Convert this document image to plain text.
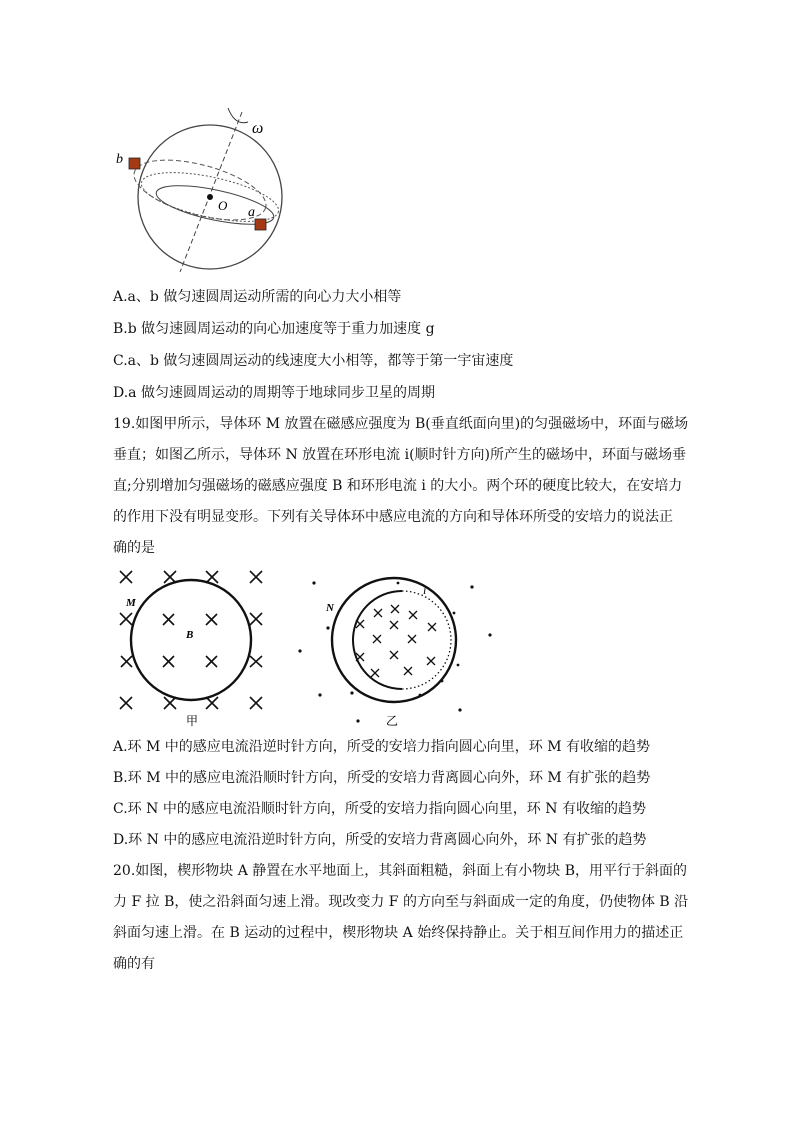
b
a
O
ω
A.a、b 做匀速圆周运动所需的向心力大小相等
B.b 做匀速圆周运动的向心加速度等于重力加速度 g
C.a、b 做匀速圆周运动的线速度大小相等，都等于第一宇宙速度
D.a 做匀速圆周运动的周期等于地球同步卫星的周期
19.如图甲所示，导体环 M 放置在磁感应强度为 B(垂直纸面向里)的匀强磁场中，环面与磁场
垂直；如图乙所示，导体环 N 放置在环形电流 i(顺时针方向)所产生的磁场中，环面与磁场垂
直;分别增加匀强磁场的磁感应强度 B 和环形电流 i 的大小。两个环的硬度比较大，在安培力
的作用下没有明显变形。下列有关导体环中感应电流的方向和导体环所受的安培力的说法正
确的是
M
B
甲
N
i
乙
A.环 M 中的感应电流沿逆时针方向，所受的安培力指向圆心向里，环 M 有收缩的趋势
B.环 M 中的感应电流沿顺时针方向，所受的安培力背离圆心向外，环 M 有扩张的趋势
C.环 N 中的感应电流沿顺时针方向，所受的安培力指向圆心向里，环 N 有收缩的趋势
D.环 N 中的感应电流沿逆时针方向，所受的安培力背离圆心向外，环 N 有扩张的趋势
20.如图，楔形物块 A 静置在水平地面上，其斜面粗糙，斜面上有小物块 B，用平行于斜面的
力 F 拉 B，使之沿斜面匀速上滑。现改变力 F 的方向至与斜面成一定的角度，仍使物体 B 沿
斜面匀速上滑。在 B 运动的过程中，楔形物块 A 始终保持静止。关于相互间作用力的描述正
确的有
